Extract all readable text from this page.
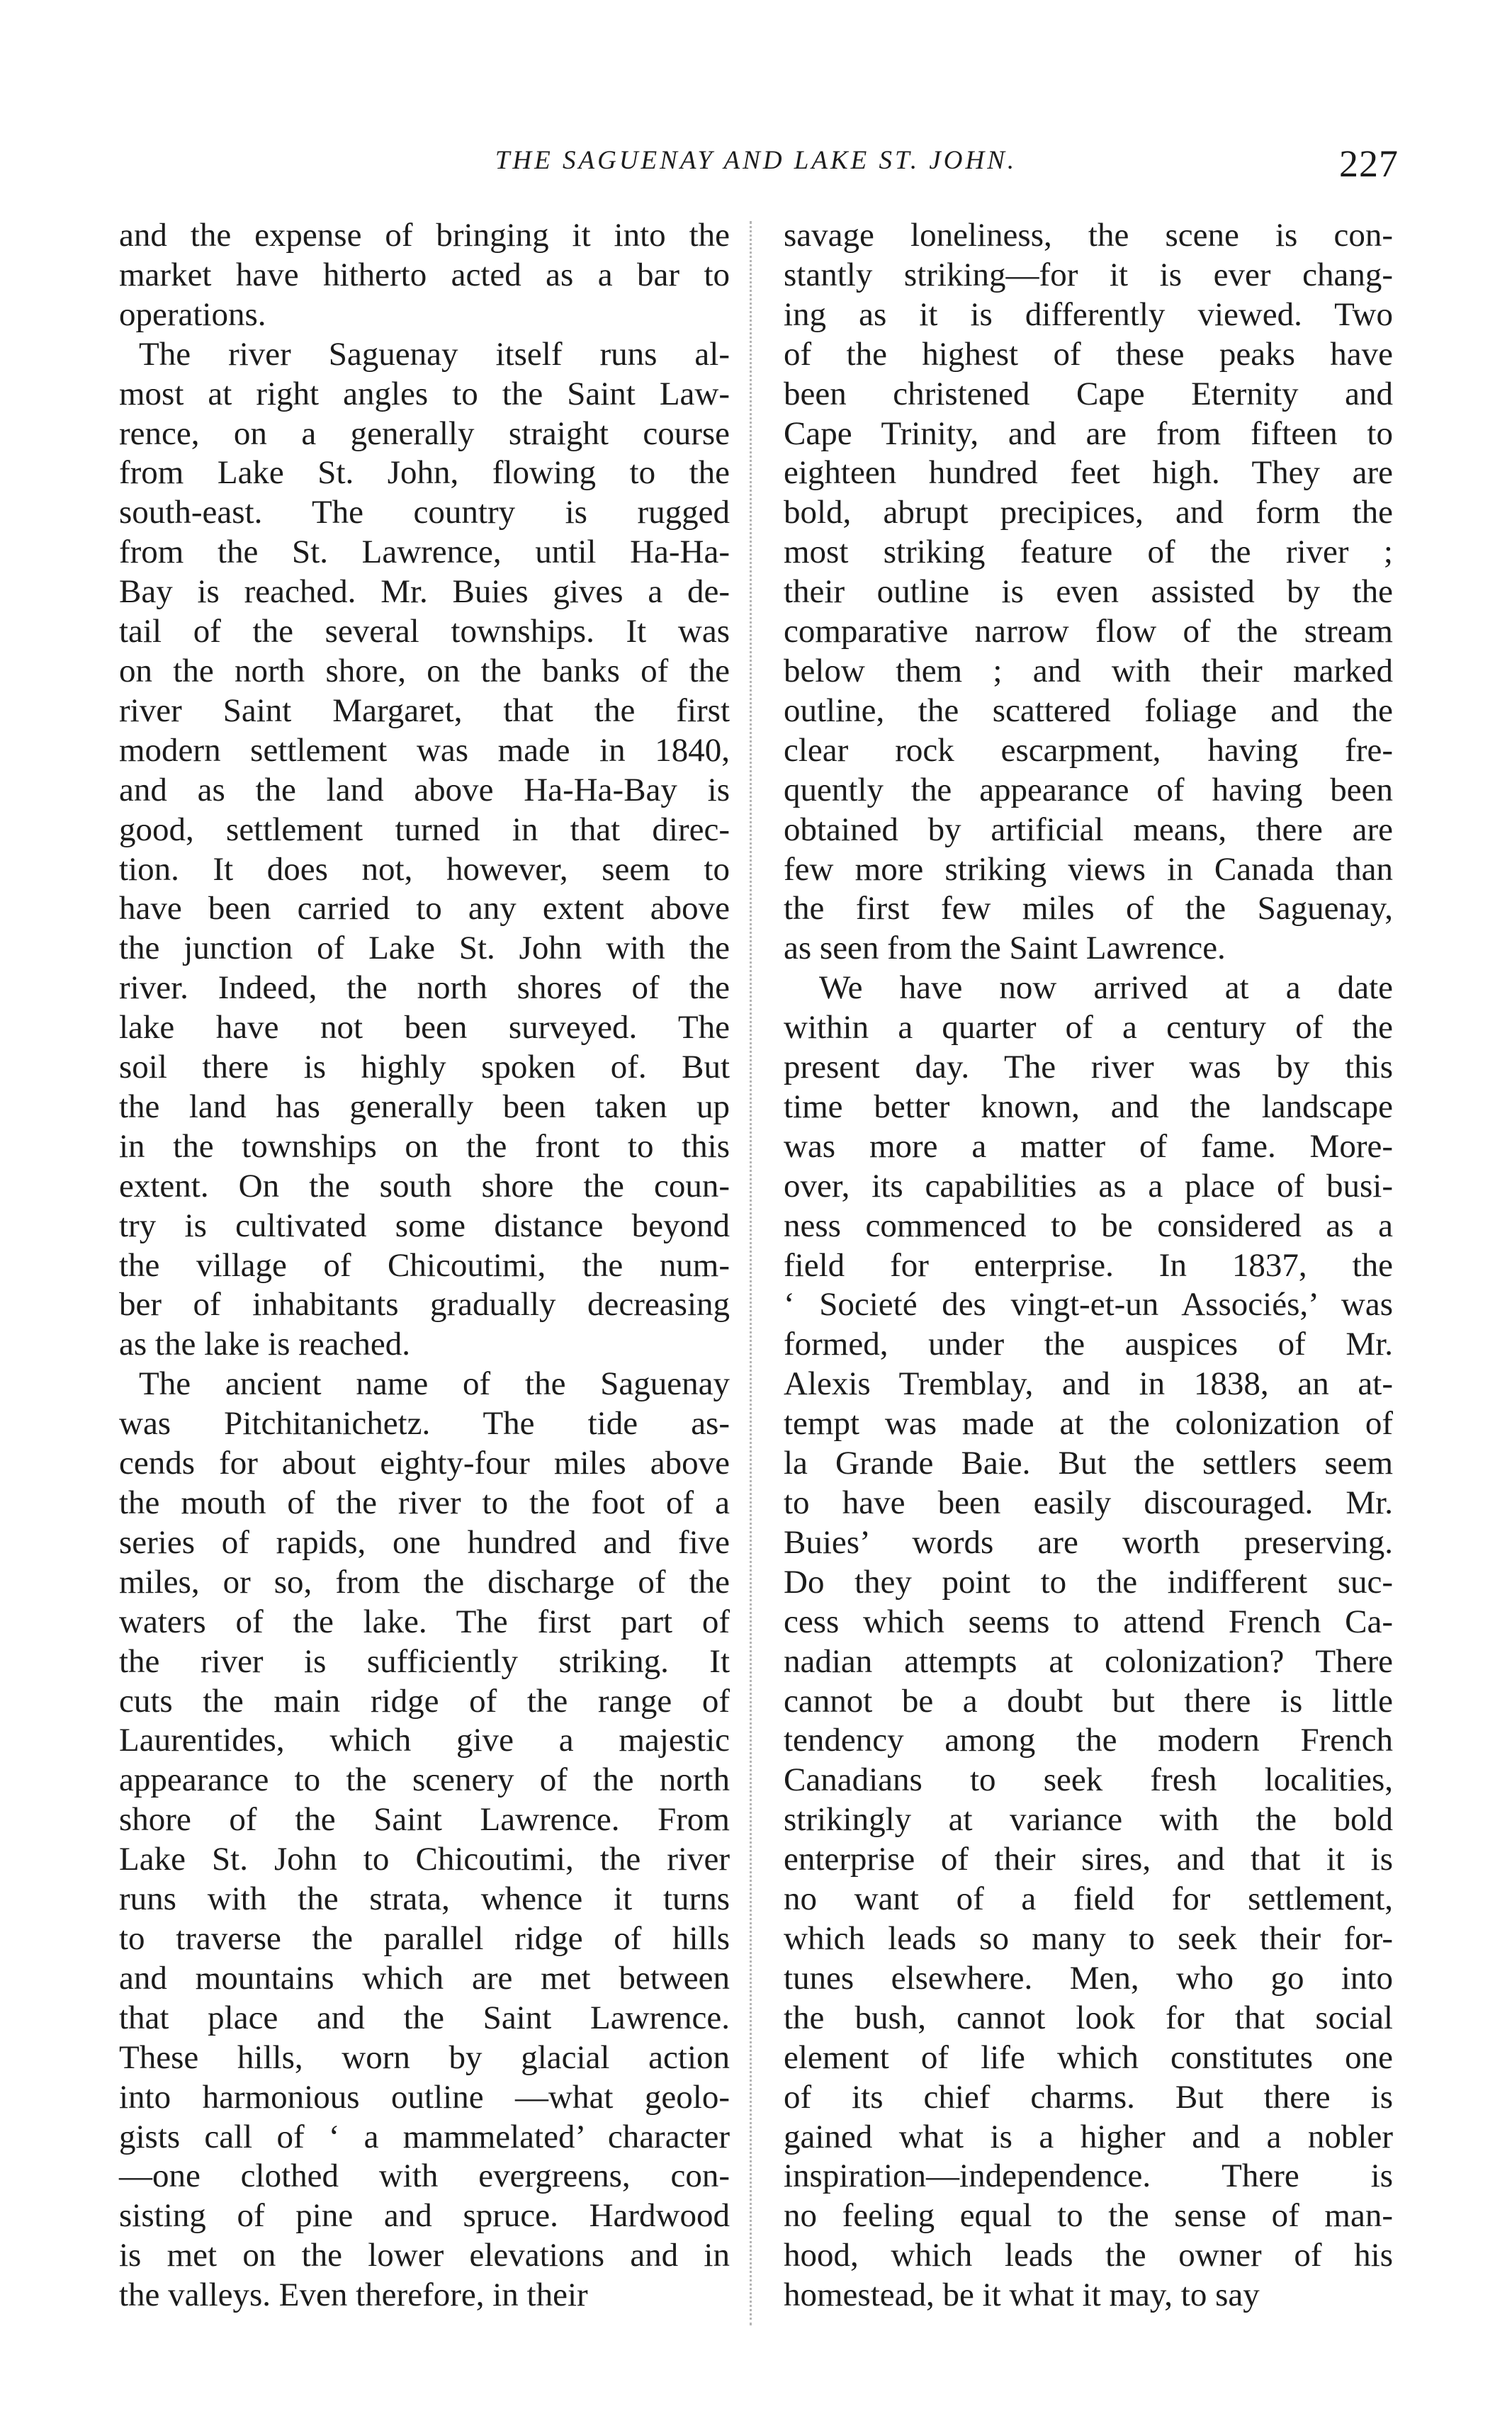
THE SAGUENAY AND LAKE ST. JOHN.	227
and the expense of bringing it into the
market have hitherto acted as a bar to
operations.
The river Saguenay itself runs al-
most at right angles to the Saint Law-
rence, on a generally straight course
from Lake St. John, flowing to the
south-east. The country is rugged
from the St. Lawrence, until Ha-Ha-
Bay is reached. Mr. Buies gives a de-
tail of the several townships. It was
on the north shore, on the banks of the
river Saint Margaret, that the first
modern settlement was made in 1840,
and as the land above Ha-Ha-Bay is
good, settlement turned in that direc-
tion. It does not, however, seem to
have been carried to any extent above
the junction of Lake St. John with the
river. Indeed, the north shores of the
lake have not been surveyed. The
soil there is highly spoken of. But
the land has generally been taken up
in the townships on the front to this
extent. On the south shore the coun-
try is cultivated some distance beyond
the village of Chicoutimi, the num-
ber of inhabitants gradually decreasing
as the lake is reached.
The ancient name of the Saguenay
was Pitchitanichetz. The tide as-
cends for about eighty-four miles above
the mouth of the river to the foot of a
series of rapids, one hundred and five
miles, or so, from the discharge of the
waters of the lake. The first part of
the river is sufficiently striking. It
cuts the main ridge of the range of
Laurentides, which give a majestic
appearance to the scenery of the north
shore of the Saint Lawrence. From
Lake St. John to Chicoutimi, the river
runs with the strata, whence it turns
to traverse the parallel ridge of hills
and mountains which are met between
that place and the Saint Lawrence.
These hills, worn by glacial action
into harmonious outline —what geolo-
gists call of ‘ a mammelated’ character
—one clothed with evergreens, con-
sisting of pine and spruce. Hardwood
is met on the lower elevations and in
the valleys. Even therefore, in their
savage loneliness, the scene is con-
stantly striking—for it is ever chang-
ing as it is differently viewed. Two
of the highest of these peaks have
been christened Cape Eternity and
Cape Trinity, and are from fifteen to
eighteen hundred feet high. They are
bold, abrupt precipices, and form the
most striking feature of the river ;
their outline is even assisted by the
comparative narrow flow of the stream
below them ; and with their marked
outline, the scattered foliage and the
clear rock escarpment, having fre-
quently the appearance of having been
obtained by artificial means, there are
few more striking views in Canada than
the first few miles of the Saguenay,
as seen from the Saint Lawrence.
We have now arrived at a date
within a quarter of a century of the
present day. The river was by this
time better known, and the landscape
was more a matter of fame. More-
over, its capabilities as a place of busi-
ness commenced to be considered as a
field for enterprise. In 1837, the
‘ Societé des vingt-et-un Associés,’ was
formed, under the auspices of Mr.
Alexis Tremblay, and in 1838, an at-
tempt was made at the colonization of
la Grande Baie. But the settlers seem
to have been easily discouraged. Mr.
Buies’ words are worth preserving.
Do they point to the indifferent suc-
cess which seems to attend French Ca-
nadian attempts at colonization? There
cannot be a doubt but there is little
tendency among the modern French
Canadians to seek fresh localities,
strikingly at variance with the bold
enterprise of their sires, and that it is
no want of a field for settlement,
which leads so many to seek their for-
tunes elsewhere. Men, who go into
the bush, cannot look for that social
element of life which constitutes one
of its chief charms. But there is
gained what is a higher and a nobler
inspiration—independence. There is
no feeling equal to the sense of man-
hood, which leads the owner of his
homestead, be it what it may, to say
